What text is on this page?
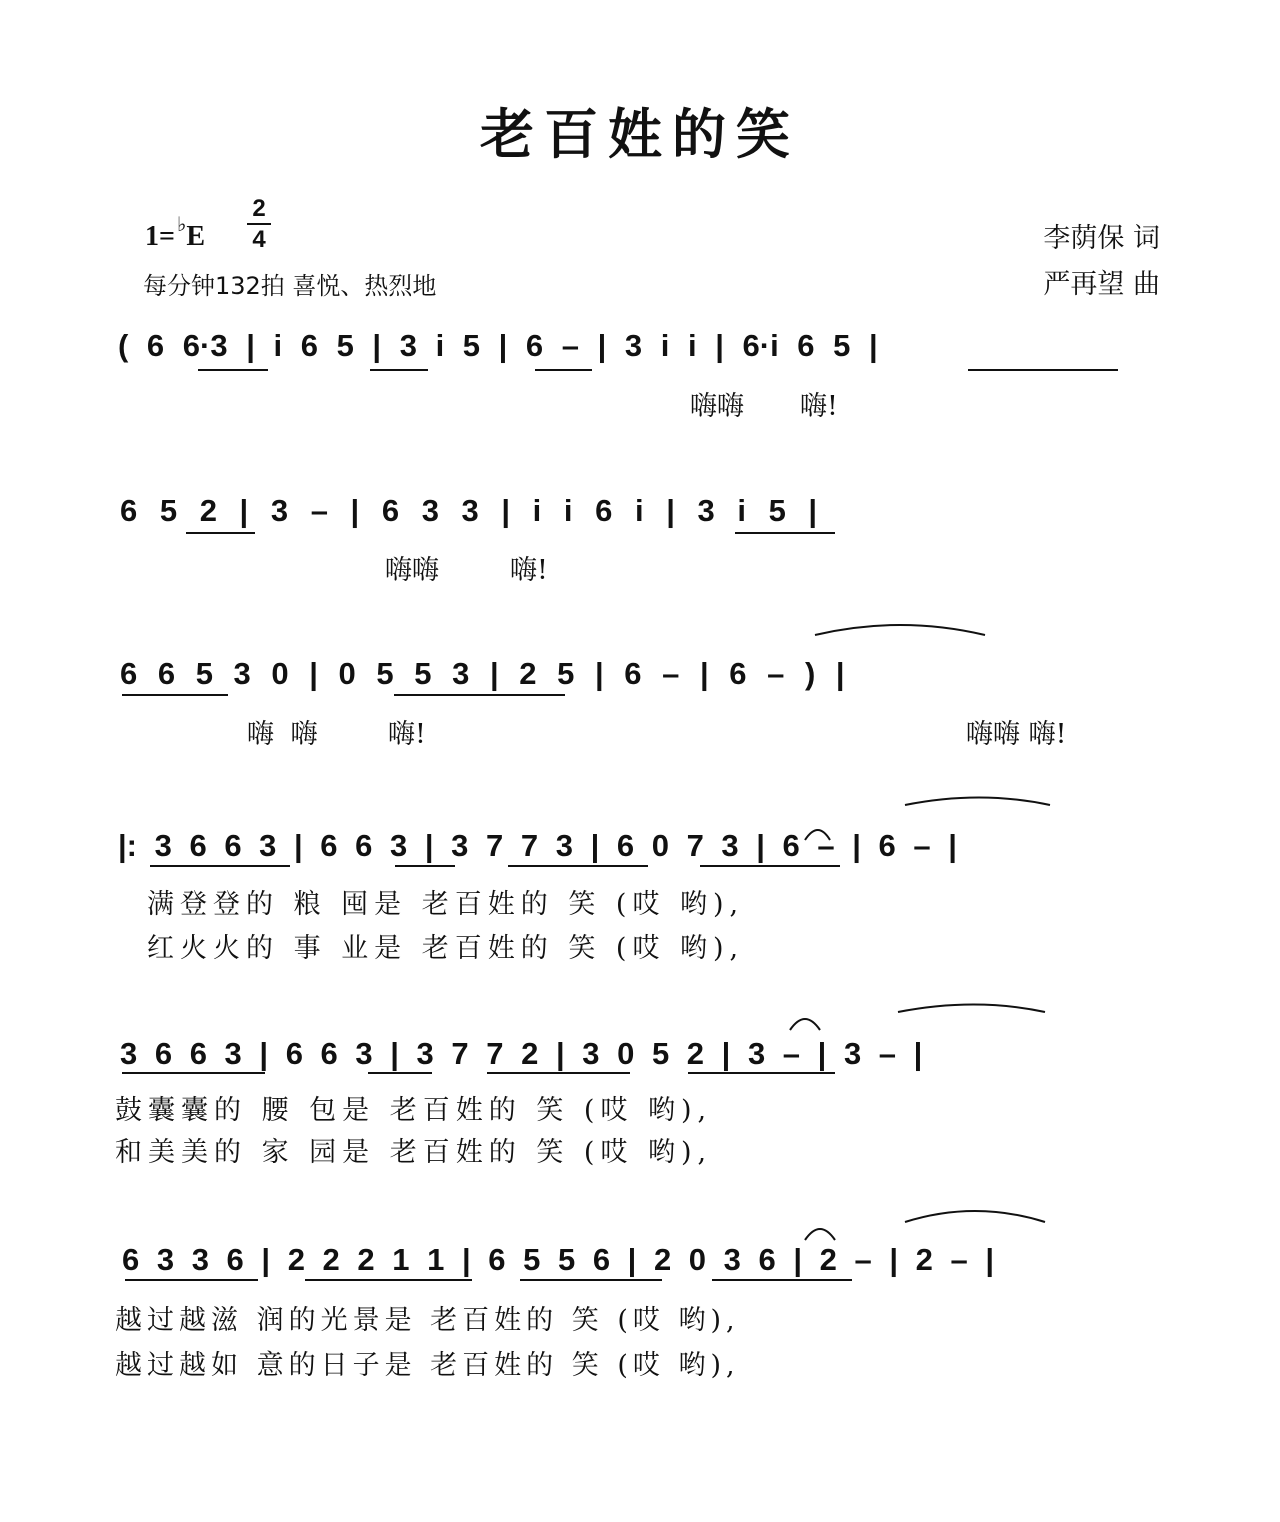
老百姓的笑
1= ♭E
2
4
每分钟132拍 喜悦、热烈地
李荫保 词
严再望 曲
( 6 6·3 | i 6 5 | 3 i 5 | 6 – | 3 i i | 6·i 6 5 |
嗨嗨 嗨!
6 5 2 | 3 – | 6 3 3 | i i 6 i | 3 i 5 |
嗨嗨	嗨!
6 6 5 3 0 | 0 5 5 3 | 2 5 | 6 – | 6 – ) |
嗨 嗨	嗨!	嗨嗨 嗨!
|: 3 6 6 3 | 6 6 3 | 3 7 7 3 | 6 0 7 3 | 6 – | 6 – |
满登登的 粮 囤是 老百姓的 笑 (哎 哟),
红火火的 事 业是 老百姓的 笑 (哎 哟),
3 6 6 3 | 6 6 3 | 3 7 7 2 | 3 0 5 2 | 3 – | 3 – |
鼓囊囊的 腰 包是 老百姓的 笑 (哎 哟),
和美美的 家 园是 老百姓的 笑 (哎 哟),
6 3 3 6 | 2 2 2 1 1 | 6 5 5 6 | 2 0 3 6 | 2 – | 2 – |
越过越滋 润的光景是 老百姓的 笑 (哎 哟),
越过越如 意的日子是 老百姓的 笑 (哎 哟),
